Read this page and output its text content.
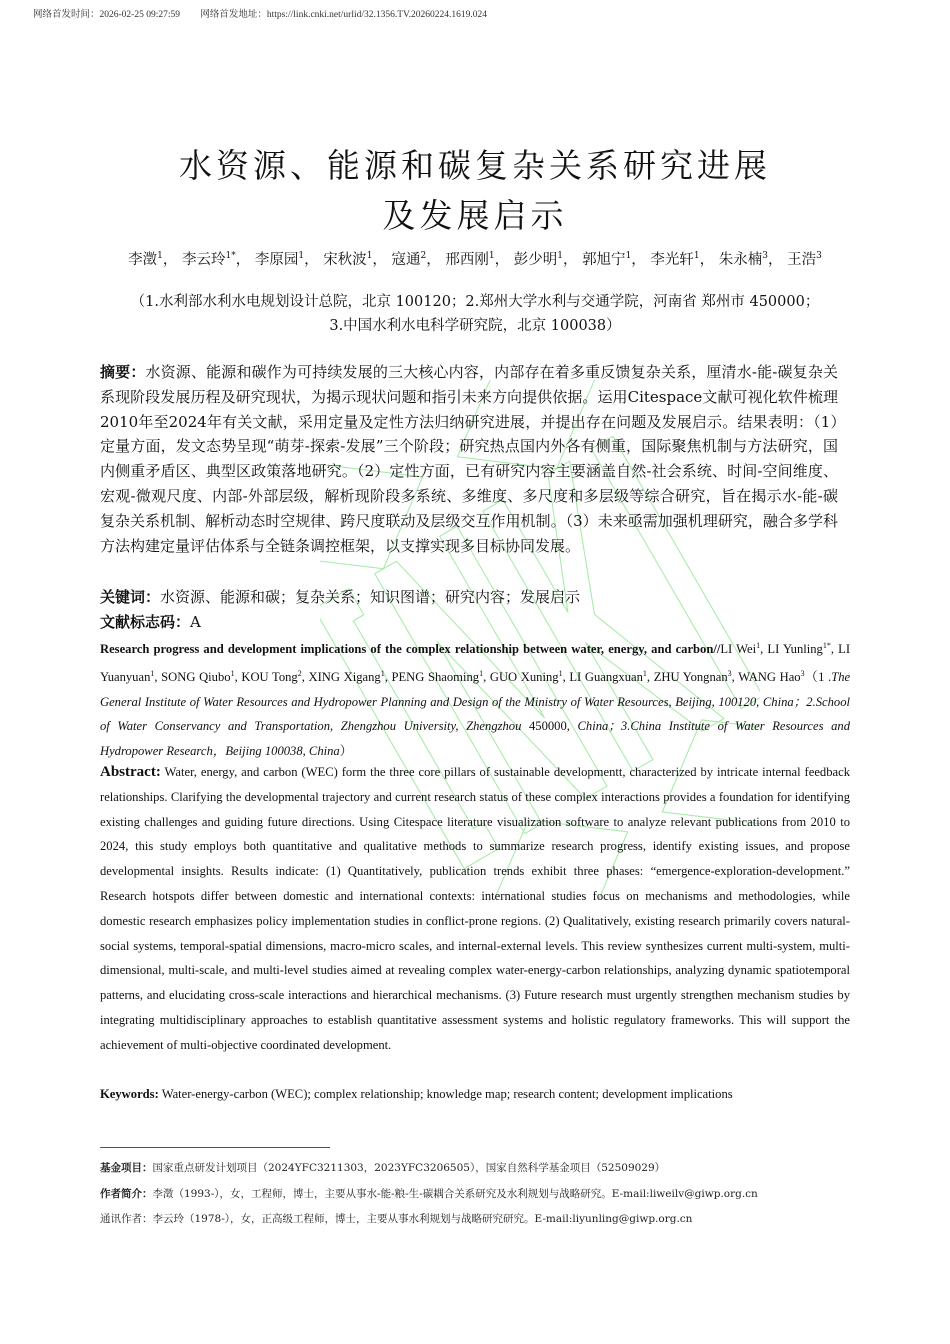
网络首发时间：2026-02-25 09:27:59 网络首发地址：https://link.cnki.net/urlid/32.1356.TV.20260224.1619.024
水资源、能源和碳复杂关系研究进展
及发展启示
李澂$^1$， 李云玲$^{1*}$， 李原园$^1$， 宋秋波$^1$， 寇通$^2$， 邢西刚$^1$， 彭少明$^1$， 郭旭宁$^1$， 李光轩$^1$， 朱永楠$^3$， 王浩$^3$
（1.水利部水利水电规划设计总院，北京 100120；2.郑州大学水利与交通学院，河南省 郑州市 450000；
3.中国水利水电科学研究院，北京 100038）
摘要：水资源、能源和碳作为可持续发展的三大核心内容，内部存在着多重反馈复杂关系，厘清水-能-碳复杂关系现阶段发展历程及研究现状，为揭示现状问题和指引未来方向提供依据。运用Citespace文献可视化软件梳理2010年至2024年有关文献，采用定量及定性方法归纳研究进展，并提出存在问题及发展启示。结果表明：（1）定量方面，发文态势呈现“萌芽-探索-发展”三个阶段；研究热点国内外各有侧重，国际聚焦机制与方法研究，国内侧重矛盾区、典型区政策落地研究。（2）定性方面，已有研究内容主要涵盖自然-社会系统、时间-空间维度、宏观-微观尺度、内部-外部层级，解析现阶段多系统、多维度、多尺度和多层级等综合研究，旨在揭示水-能-碳复杂关系机制、解析动态时空规律、跨尺度联动及层级交互作用机制。（3）未来亟需加强机理研究，融合多学科方法构建定量评估体系与全链条调控框架，以支撑实现多目标协同发展。
关键词：水资源、能源和碳；复杂关系；知识图谱；研究内容；发展启示
文献标志码：A
Research progress and development implications of the complex relationship between water, energy, and carbon//LI Wei$^1$, LI Yunling$^{1*}$, LI Yuanyuan$^1$, SONG Qiubo$^1$, KOU Tong$^2$, XING Xigang$^1$, PENG Shaoming$^1$, GUO Xuning$^1$, LI Guangxuan$^1$, ZHU Yongnan$^3$, WANG Hao$^3$（1 .The General Institute of Water Resources and Hydropower Planning and Design of the Ministry of Water Resources, Beijing, 100120, China；2.School of Water Conservancy and Transportation, Zhengzhou University, Zhengzhou 450000, China；3.China Institute of Water Resources and Hydropower Research，Beijing 100038, China）
Abstract: Water, energy, and carbon (WEC) form the three core pillars of sustainable developmentt, characterized by intricate internal feedback relationships. Clarifying the developmental trajectory and current research status of these complex interactions provides a foundation for identifying existing challenges and guiding future directions. Using Citespace literature visualization software to analyze relevant publications from 2010 to 2024, this study employs both quantitative and qualitative methods to summarize research progress, identify existing issues, and propose developmental insights. Results indicate: (1) Quantitatively, publication trends exhibit three phases: “emergence-exploration-development.” Research hotspots differ between domestic and international contexts: international studies focus on mechanisms and methodologies, while domestic research emphasizes policy implementation studies in conflict-prone regions. (2) Qualitatively, existing research primarily covers natural-social systems, temporal-spatial dimensions, macro-micro scales, and internal-external levels. This review synthesizes current multi-system, multi-dimensional, multi-scale, and multi-level studies aimed at revealing complex water-energy-carbon relationships, analyzing dynamic spatiotemporal patterns, and elucidating cross-scale interactions and hierarchical mechanisms. (3) Future research must urgently strengthen mechanism studies by integrating multidisciplinary approaches to establish quantitative assessment systems and holistic regulatory frameworks. This will support the achievement of multi-objective coordinated development.
Keywords: Water-energy-carbon (WEC); complex relationship; knowledge map; research content; development implications
基金项目：国家重点研发计划项目（2024YFC3211303，2023YFC3206505），国家自然科学基金项目（52509029）
作者简介：李澂（1993-），女，工程师，博士，主要从事水-能-粮-生-碳耦合关系研究及水利规划与战略研究。E-mail:liweilv@giwp.org.cn
通讯作者：李云玲（1978-），女，正高级工程师，博士，主要从事水利规划与战略研究研究。E-mail:liyunling@giwp.org.cn
